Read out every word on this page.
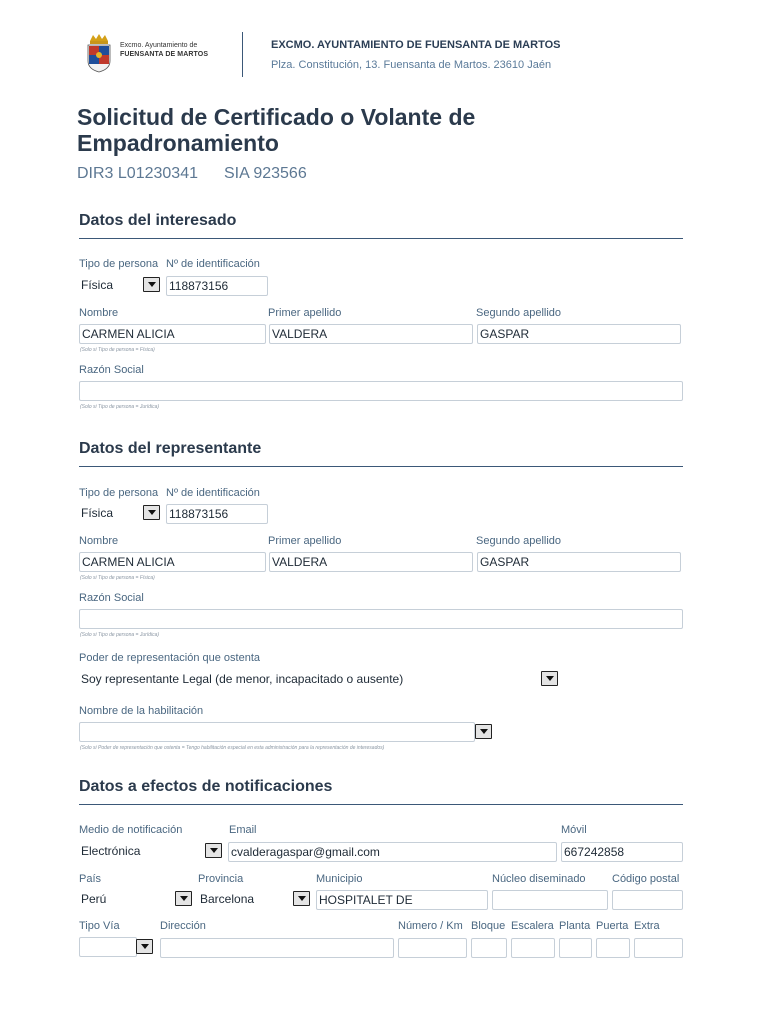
Excmo. Ayuntamiento de
FUENSANTA DE MARTOS
EXCMO. AYUNTAMIENTO DE FUENSANTA DE MARTOS
Plza. Constitución, 13. Fuensanta de Martos. 23610 Jaén
Solicitud de Certificado o Volante de Empadronamiento
DIR3 L01230341 SIA 923566
Datos del interesado
Tipo de persona Nº de identificación
Física	118873156
Nombre	Primer apellido	Segundo apellido
CARMEN ALICIA	VALDERA	GASPAR
(Solo si Tipo de persona = Física)
Razón Social
(Solo si Tipo de persona = Jurídica)
Datos del representante
Tipo de persona Nº de identificación
Física	118873156
Nombre	Primer apellido	Segundo apellido
CARMEN ALICIA	VALDERA	GASPAR
(Solo si Tipo de persona = Física)
Razón Social
(Solo si Tipo de persona = Jurídica)
Poder de representación que ostenta
Soy representante Legal (de menor, incapacitado o ausente)
Nombre de la habilitación
(Solo si Poder de representación que ostenta = Tengo habilitación especial en esta administración para la representación de interesados)
Datos a efectos de notificaciones
Medio de notificación	Email	Móvil
Electrónica	cvalderagaspar@gmail.com	667242858
País	Provincia	Municipio	Núcleo diseminado Código postal
Perú	Barcelona	HOSPITALET DE
Tipo Vía	Dirección	Número / Km Bloque Escalera Planta Puerta Extra
